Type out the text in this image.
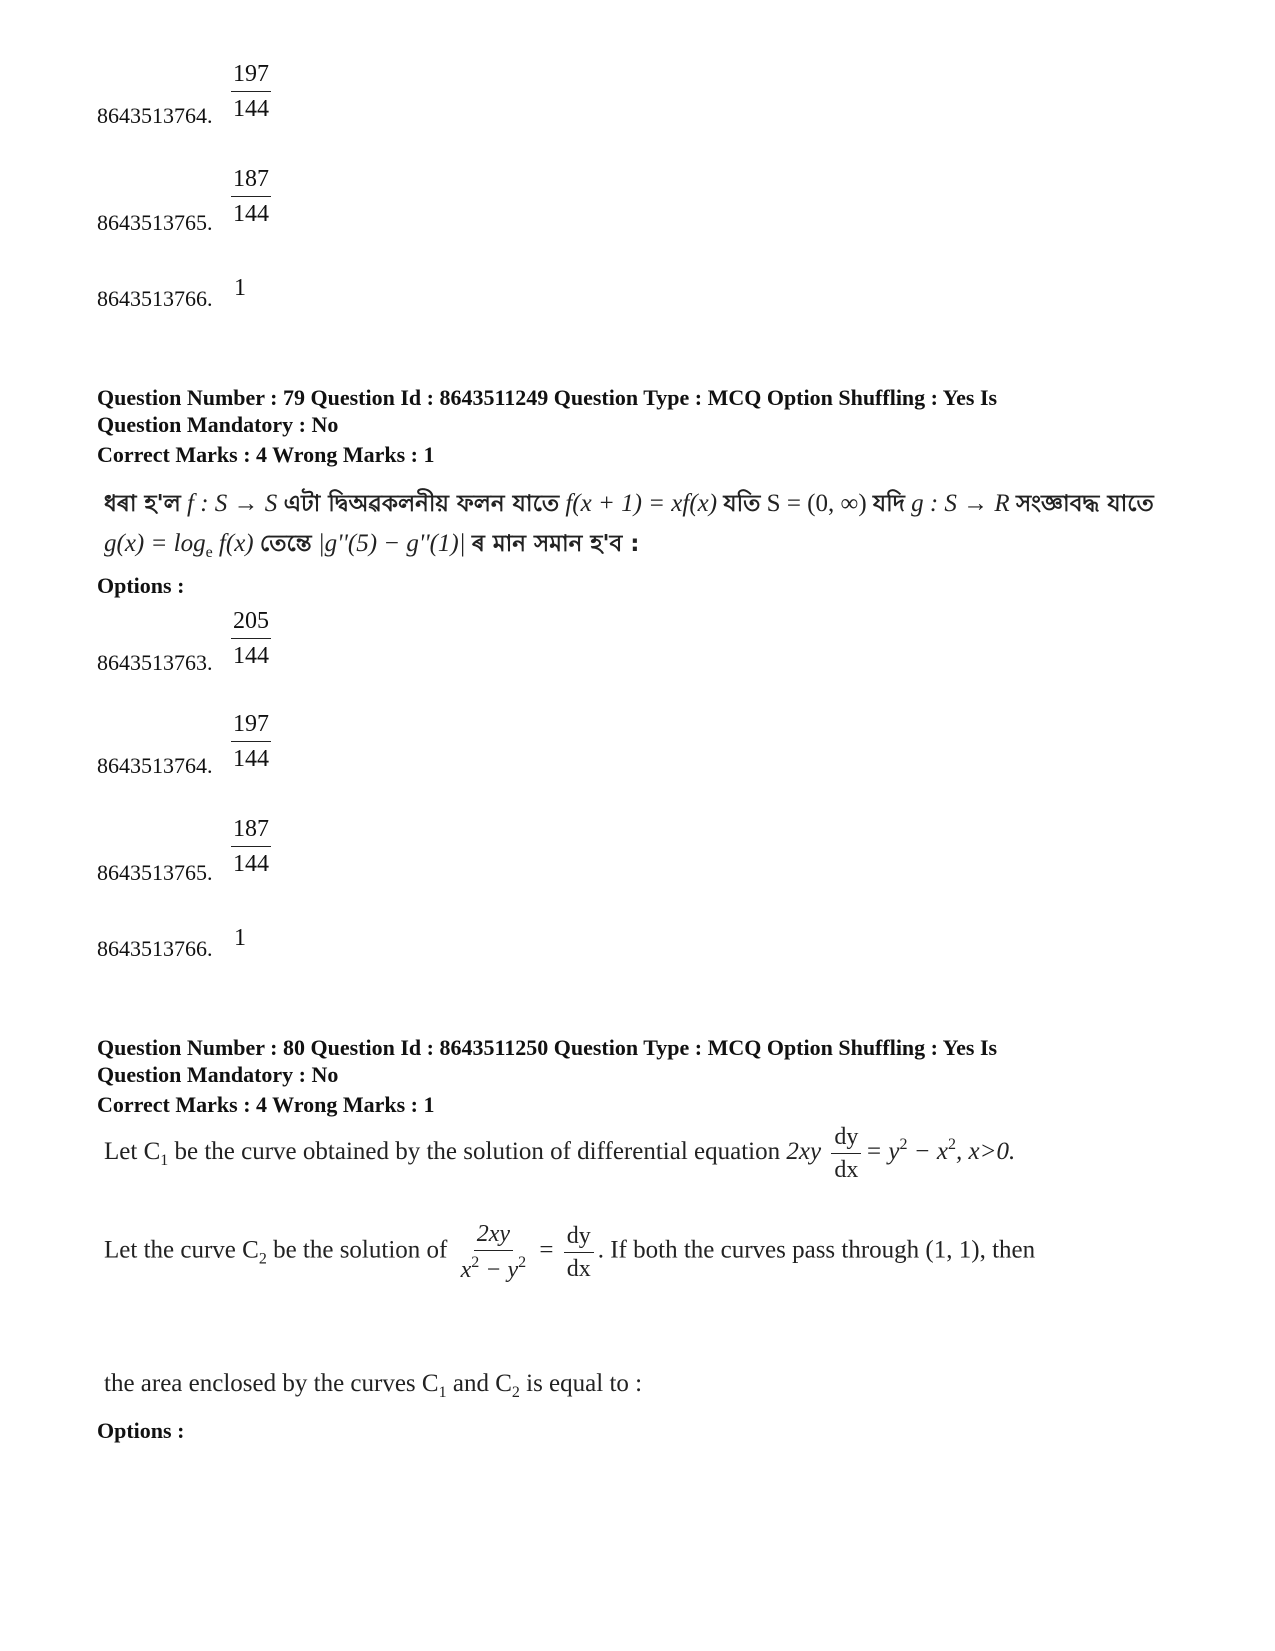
$\frac{197}{144}$
8643513764.
$\frac{187}{144}$
8643513765.
1
8643513766.
Question Number : 79 Question Id : 8643511249 Question Type : MCQ Option Shuffling : Yes Is
Question Mandatory : No
Correct Marks : 4 Wrong Marks : 1
ধৰা হ'ল f : S → S এটা দ্বিঅৱকলনীয় ফলন যাতে f(x + 1) = xf(x) যতি S = (0, ∞) যদি g : S → R সংজ্ঞাবদ্ধ যাতে
$g(x) = \log_e f(x)$ তেন্তে |g''(5) − g''(1)| ৰ মান সমান হ'ব :
Options :
$\frac{205}{144}$
8643513763.
$\frac{197}{144}$
8643513764.
$\frac{187}{144}$
8643513765.
1
8643513766.
Question Number : 80 Question Id : 8643511250 Question Type : MCQ Option Shuffling : Yes Is
Question Mandatory : No
Correct Marks : 4 Wrong Marks : 1
Let $C_1$ be the curve obtained by the solution of differential equation $2xy \frac{dy}{dx} = y^2 - x^2$, x>0.
Let the curve $C_2$ be the solution of $\frac{2xy}{x^2 - y^2} = \frac{dy}{dx}$ . If both the curves pass through (1, 1), then
the area enclosed by the curves $C_1$ and $C_2$ is equal to :
Options :
